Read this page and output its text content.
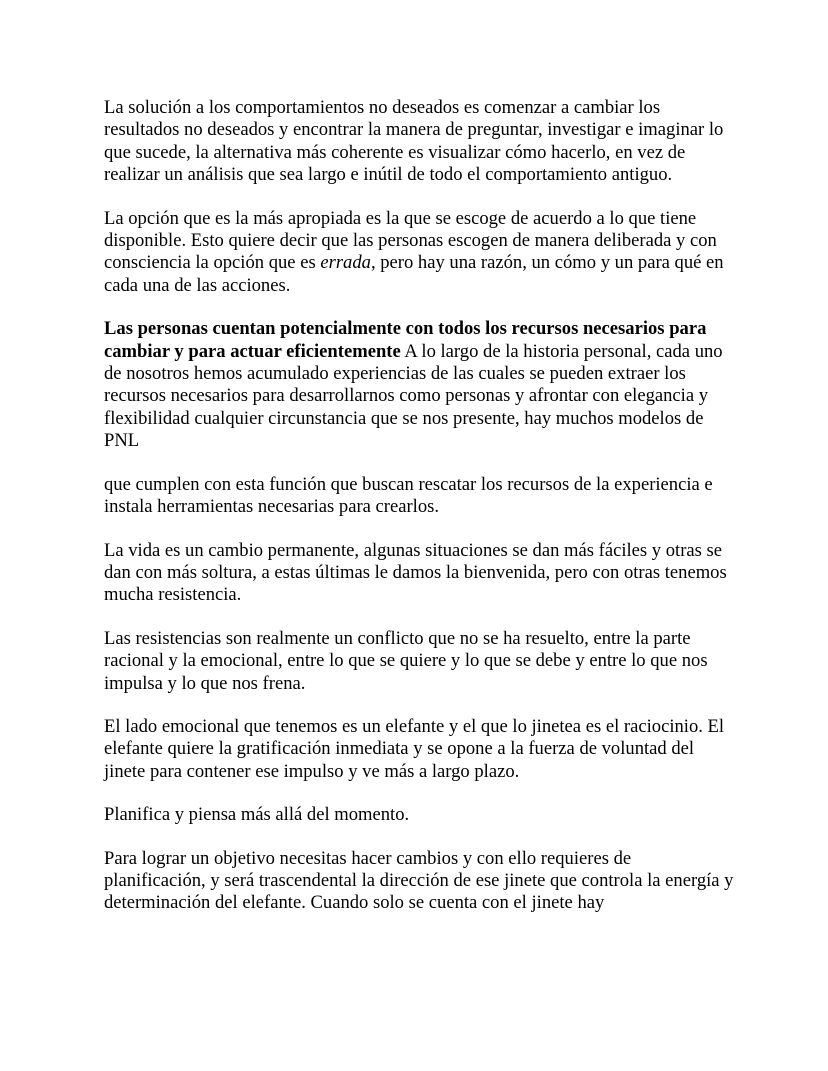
La solución a los comportamientos no deseados es comenzar a cambiar los resultados no deseados y encontrar la manera de preguntar, investigar e imaginar lo que sucede, la alternativa más coherente es visualizar cómo hacerlo, en vez de realizar un análisis que sea largo e inútil de todo el comportamiento antiguo.

La opción que es la más apropiada es la que se escoge de acuerdo a lo que tiene disponible. Esto quiere decir que las personas escogen de manera deliberada y con consciencia la opción que es errada, pero hay una razón, un cómo y un para qué en cada una de las acciones.

Las personas cuentan potencialmente con todos los recursos necesarios para cambiar y para actuar eficientemente A lo largo de la historia personal, cada uno de nosotros hemos acumulado experiencias de las cuales se pueden extraer los recursos necesarios para desarrollarnos como personas y afrontar con elegancia y flexibilidad cualquier circunstancia que se nos presente, hay muchos modelos de PNL

que cumplen con esta función que buscan rescatar los recursos de la experiencia e instala herramientas necesarias para crearlos.

La vida es un cambio permanente, algunas situaciones se dan más fáciles y otras se dan con más soltura, a estas últimas le damos la bienvenida, pero con otras tenemos mucha resistencia.

Las resistencias son realmente un conflicto que no se ha resuelto, entre la parte racional y la emocional, entre lo que se quiere y lo que se debe y entre lo que nos impulsa y lo que nos frena.

El lado emocional que tenemos es un elefante y el que lo jinetea es el raciocinio. El elefante quiere la gratificación inmediata y se opone a la fuerza de voluntad del jinete para contener ese impulso y ve más a largo plazo.

Planifica y piensa más allá del momento.

Para lograr un objetivo necesitas hacer cambios y con ello requieres de planificación, y será trascendental la dirección de ese jinete que controla la energía y determinación del elefante. Cuando solo se cuenta con el jinete hay
